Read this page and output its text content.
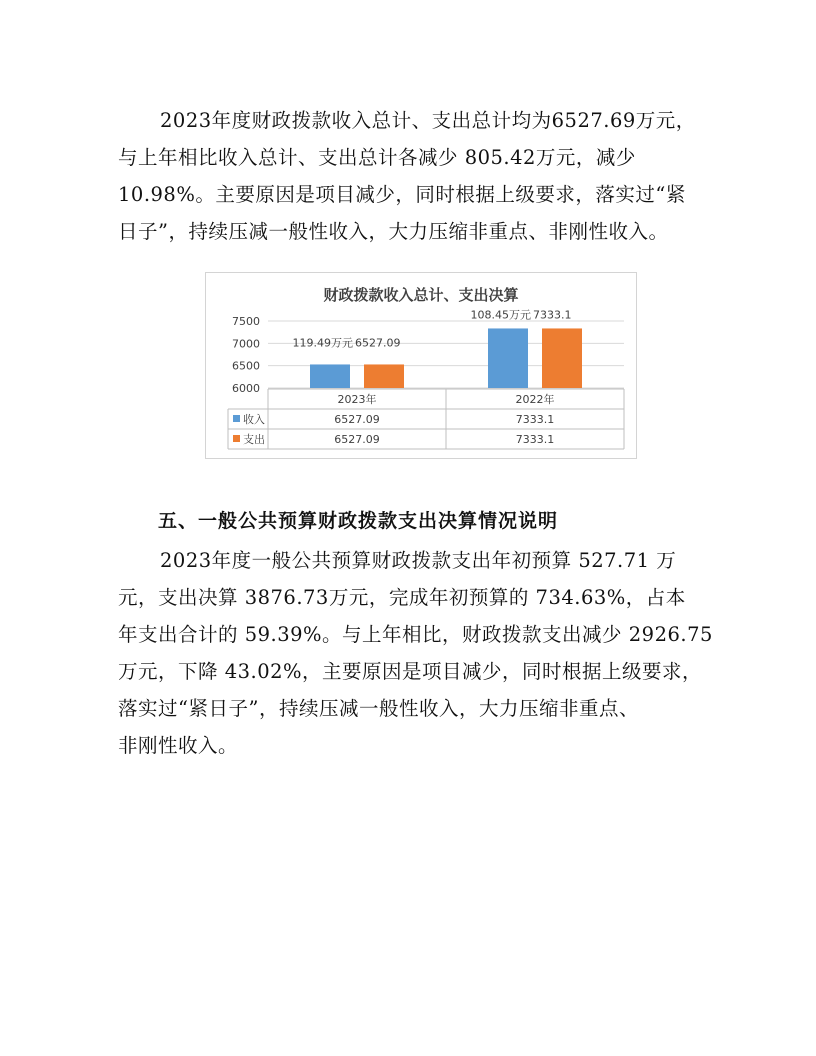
2023年度财政拨款收入总计、支出总计均为6527.69万元，
与上年相比收入总计、支出总计各减少 805.42万元，减少
10.98%。主要原因是项目减少，同时根据上级要求，落实过“紧
日子”，持续压减一般性收入，大力压缩非重点、非刚性收入。
财政拨款收入总计、支出决算
6000
6500
7000
7500
119.49万元 6527.09
108.45万元 7333.1
2023年	2022年
收入	6527.09	7333.1
支出	6527.09	7333.1
五、一般公共预算财政拨款支出决算情况说明
2023年度一般公共预算财政拨款支出年初预算 527.71 万
元，支出决算 3876.73万元，完成年初预算的 734.63%，占本
年支出合计的 59.39%。与上年相比，财政拨款支出减少 2926.75
万元，下降 43.02%，主要原因是项目减少，同时根据上级要求，
落实过“紧日子”，持续压减一般性收入，大力压缩非重点、
非刚性收入。
